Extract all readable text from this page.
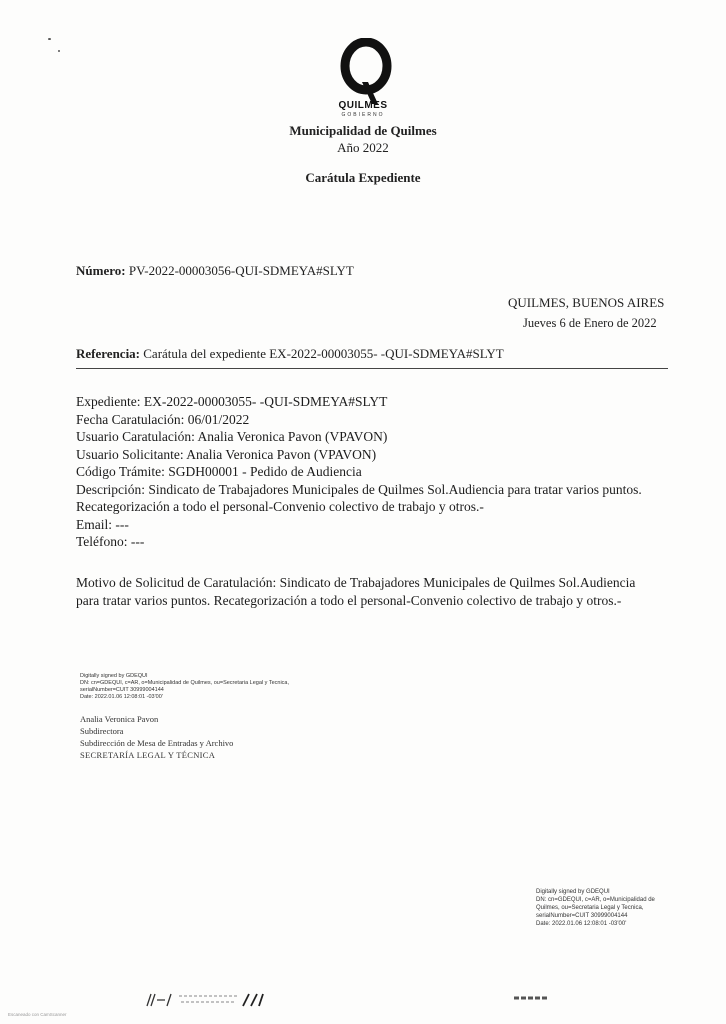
QUILMES
GOBIERNO
Municipalidad de Quilmes
Año 2022
Carátula Expediente
Número: PV-2022-00003056-QUI-SDMEYA#SLYT
QUILMES, BUENOS AIRES
Jueves 6 de Enero de 2022
Referencia: Carátula del expediente EX-2022-00003055- -QUI-SDMEYA#SLYT
Expediente: EX-2022-00003055- -QUI-SDMEYA#SLYT
Fecha Caratulación: 06/01/2022
Usuario Caratulación: Analia Veronica Pavon (VPAVON)
Usuario Solicitante: Analia Veronica Pavon (VPAVON)
Código Trámite: SGDH00001 - Pedido de Audiencia
Descripción: Sindicato de Trabajadores Municipales de Quilmes Sol.Audiencia para tratar varios puntos.
Recategorización a todo el personal-Convenio colectivo de trabajo y otros.-
Email: ---
Teléfono: ---
Motivo de Solicitud de Caratulación: Sindicato de Trabajadores Municipales de Quilmes Sol.Audiencia
para tratar varios puntos. Recategorización a todo el personal-Convenio colectivo de trabajo y otros.-
Digitally signed by GDEQUI
DN: cn=GDEQUI, c=AR, o=Municipalidad de Quilmes, ou=Secretaria Legal y Tecnica,
serialNumber=CUIT 30999004144
Date: 2022.01.06 12:08:01 -03'00'
Analia Veronica Pavon
Subdirectora
Subdirección de Mesa de Entradas y Archivo
SECRETARÍA LEGAL Y TÉCNICA
Digitally signed by GDEQUI
DN: cn=GDEQUI, c=AR, o=Municipalidad de
Quilmes, ou=Secretaria Legal y Tecnica,
serialNumber=CUIT 30999004144
Date: 2022.01.06 12:08:01 -03'00'
Escaneado con CamScanner
